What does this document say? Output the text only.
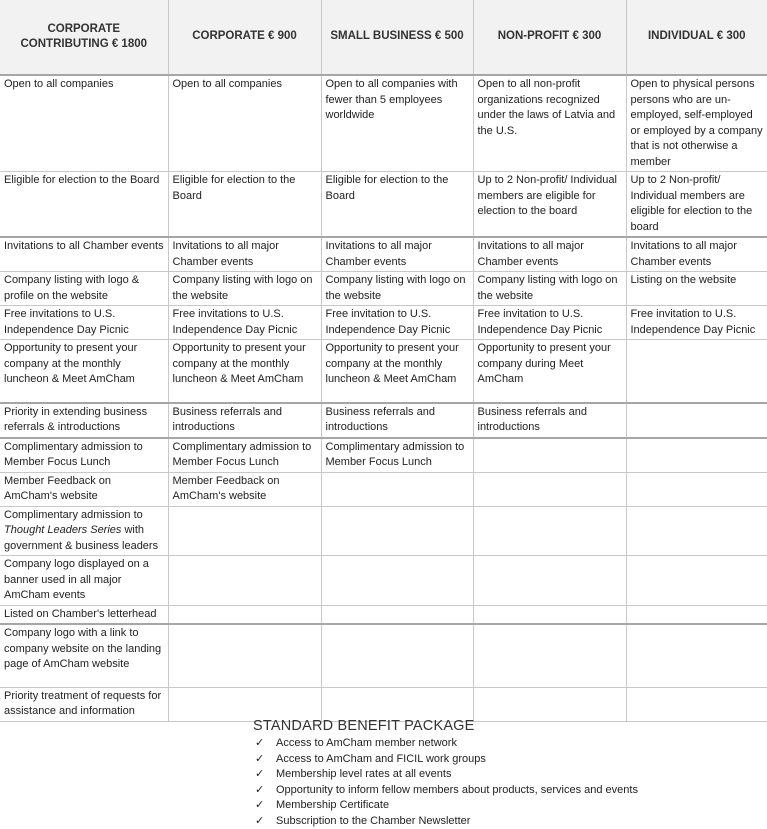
CORPORATE CONTRIBUTING € 1800	CORPORATE € 900	SMALL BUSINESS € 500	NON-PROFIT € 300	INDIVIDUAL € 300
Open to all companies	Open to all companies	Open to all companies with fewer than 5 employees worldwide	Open to all non-profit organizations recognized under the laws of Latvia and the U.S.	Open to physical persons persons who are un-employed, self-employed or employed by a company that is not otherwise a member
Eligible for election to the Board	Eligible for election to the Board	Eligible for election to the Board	Up to 2 Non-profit/ Individual members are eligible for election to the board	Up to 2 Non-profit/ Individual members are eligible for election to the board
Invitations to all Chamber events	Invitations to all major Chamber events	Invitations to all major Chamber events	Invitations to all major Chamber events	Invitations to all major Chamber events
Company listing with logo & profile on the website	Company listing with logo on the website	Company listing with logo on the website	Company listing with logo on the website	Listing on the website
Free invitations to U.S. Independence Day Picnic	Free invitations to U.S. Independence Day Picnic	Free invitation to U.S. Independence Day Picnic	Free invitation to U.S. Independence Day Picnic	Free invitation to U.S. Independence Day Picnic
Opportunity to present your company at the monthly luncheon & Meet AmCham	Opportunity to present your company at the monthly luncheon & Meet AmCham	Opportunity to present your company at the monthly luncheon & Meet AmCham	Opportunity to present your company during Meet AmCham	
Priority in extending business referrals & introductions	Business referrals and introductions	Business referrals and introductions	Business referrals and introductions	
Complimentary admission to Member Focus Lunch	Complimentary admission to Member Focus Lunch	Complimentary admission to Member Focus Lunch		
Member Feedback on AmCham's website	Member Feedback on AmCham's website			
Complimentary admission to Thought Leaders Series with government & business leaders				
Company logo displayed on a banner used in all major AmCham events				
Listed on Chamber's letterhead				
Company logo with a link to company website on the landing page of AmCham website				
Priority treatment of requests for assistance and information				
STANDARD BENEFIT PACKAGE
✓ Access to AmCham member network
✓ Access to AmCham and FICIL work groups
✓ Membership level rates at all events
✓ Opportunity to inform fellow members about products, services and events
✓ Membership Certificate
✓ Subscription to the Chamber Newsletter
